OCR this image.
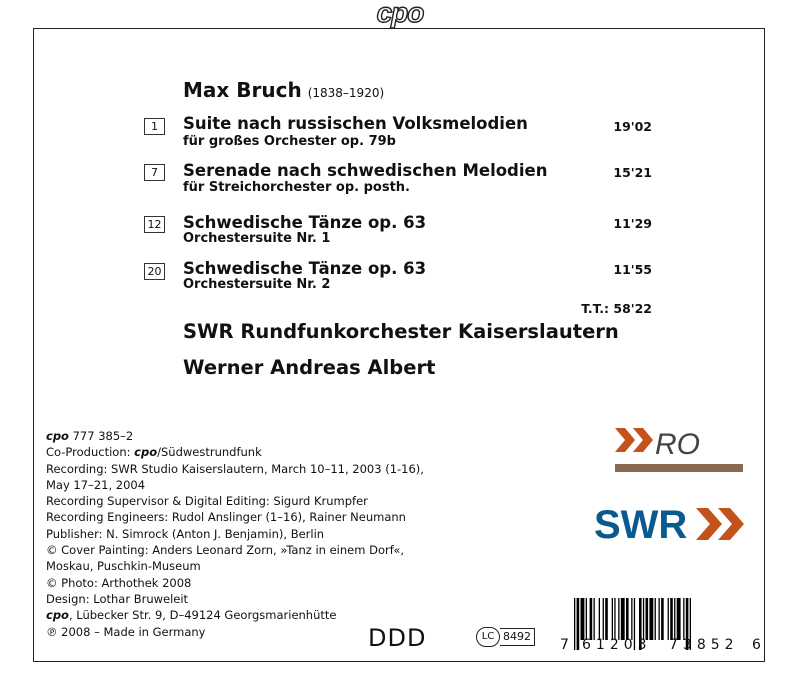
cpo
Max Bruch (1838–1920)
1	Suite nach russischen Volksmelodien
für großes Orchester op. 79b
19'02
7	Serenade nach schwedischen Melodien
für Streichorchester op. posth.
15'21
12 Schwedische Tänze op. 63
Orchestersuite Nr. 1
11'29
20 Schwedische Tänze op. 63
Orchestersuite Nr. 2
11'55
T.T.: 58'22
SWR Rundfunkorchester Kaiserslautern
Werner Andreas Albert
cpo 777 385–2
Co-Production: cpo/Südwestrundfunk
Recording: SWR Studio Kaiserslautern, March 10–11, 2003 (1-16),
May 17–21, 2004
Recording Supervisor & Digital Editing: Sigurd Krumpfer
Recording Engineers: Rudol Anslinger (1–16), Rainer Neumann
Publisher: N. Simrock (Anton J. Benjamin), Berlin
© Cover Painting: Anders Leonard Zorn, »Tanz in einem Dorf«,
Moskau, Puschkin-Museum
© Photo: Arthothek 2008
Design: Lothar Bruweleit
cpo, Lübecker Str. 9, D–49124 Georgsmarienhütte
℗ 2008 – Made in Germany	DDD	LC 8492
RO
SWR
7 61203 73852 6
